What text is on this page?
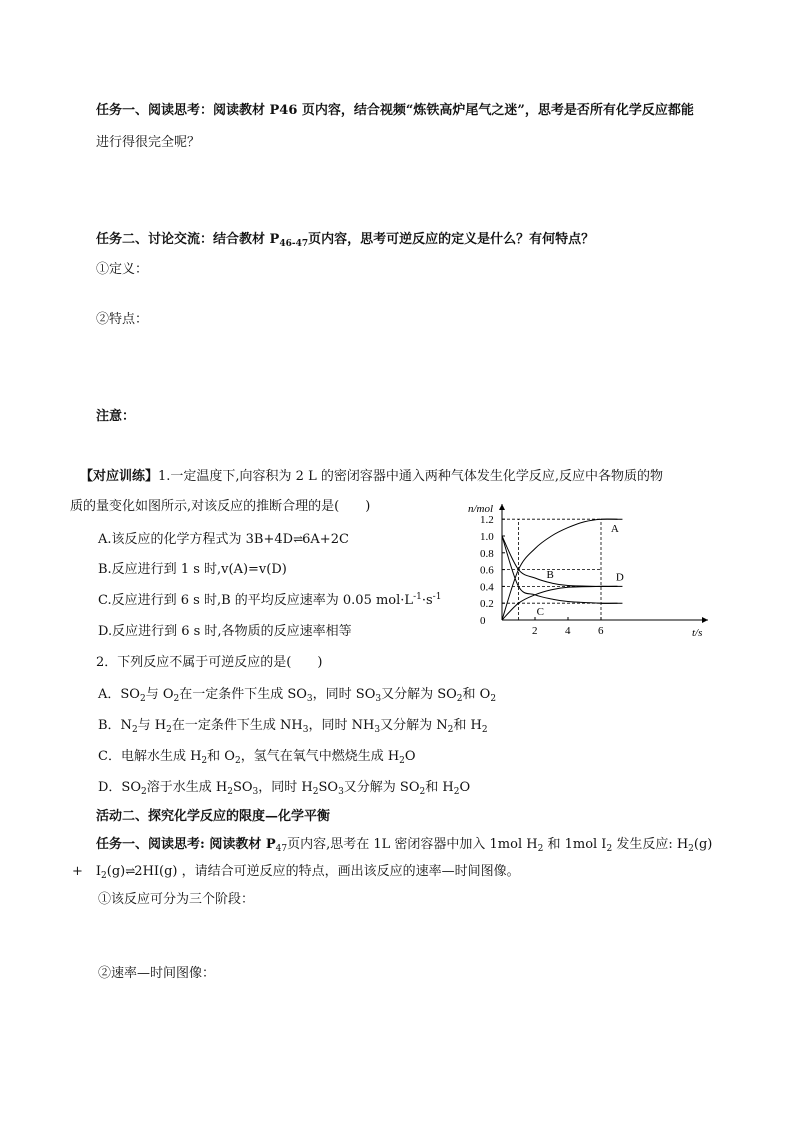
任务一、阅读思考：阅读教材 P46 页内容，结合视频“炼铁高炉尾气之迷”，思考是否所有化学反应都能
进行得很完全呢？
任务二、讨论交流：结合教材 $P_{46-47}$页内容，思考可逆反应的定义是什么？有何特点？
①定义：
②特点：
注意：
【对应训练】1.一定温度下,向容积为 2 L 的密闭容器中通入两种气体发生化学反应,反应中各物质的物
质的量变化如图所示,对该反应的推断合理的是(　　)
A.该反应的化学方程式为 3B+4D⇌6A+2C
B.反应进行到 1 s 时,v(A)=v(D)
C.反应进行到 6 s 时,B 的平均反应速率为 0.05 $mol\cdot L^{-1}\cdot s^{-1}$
D.反应进行到 6 s 时,各物质的反应速率相等
n/mol
t/s
1.2
1.0
0.8
0.6
0.4
0.2
0
2	4	6
A
B
C
D
2．下列反应不属于可逆反应的是(　　)
A．$SO_2$与 $O_2$在一定条件下生成 $SO_3$，同时 $SO_3$又分解为 $SO_2$和 $O_2$
B．$N_2$与 $H_2$在一定条件下生成 $NH_3$，同时 $NH_3$又分解为 $N_2$和 $H_2$
C．电解水生成 $H_2$和 $O_2$，氢气在氧气中燃烧生成 $H_2O$
D．$SO_2$溶于水生成 $H_2SO_3$，同时 $H_2SO_3$又分解为 $SO_2$和 $H_2O$
活动二、探究化学反应的限度—化学平衡
任务一、阅读思考: 阅读教材 $P_{47}$页内容,思考在 1L 密闭容器中加入 1mol $H_2$ 和 1mol $I_2$ 发生反应: $H_2(g)$
+　$I_2(g)\rightleftharpoons 2HI(g)$ ，请结合可逆反应的特点，画出该反应的速率—时间图像。
①该反应可分为三个阶段：
②速率—时间图像：
